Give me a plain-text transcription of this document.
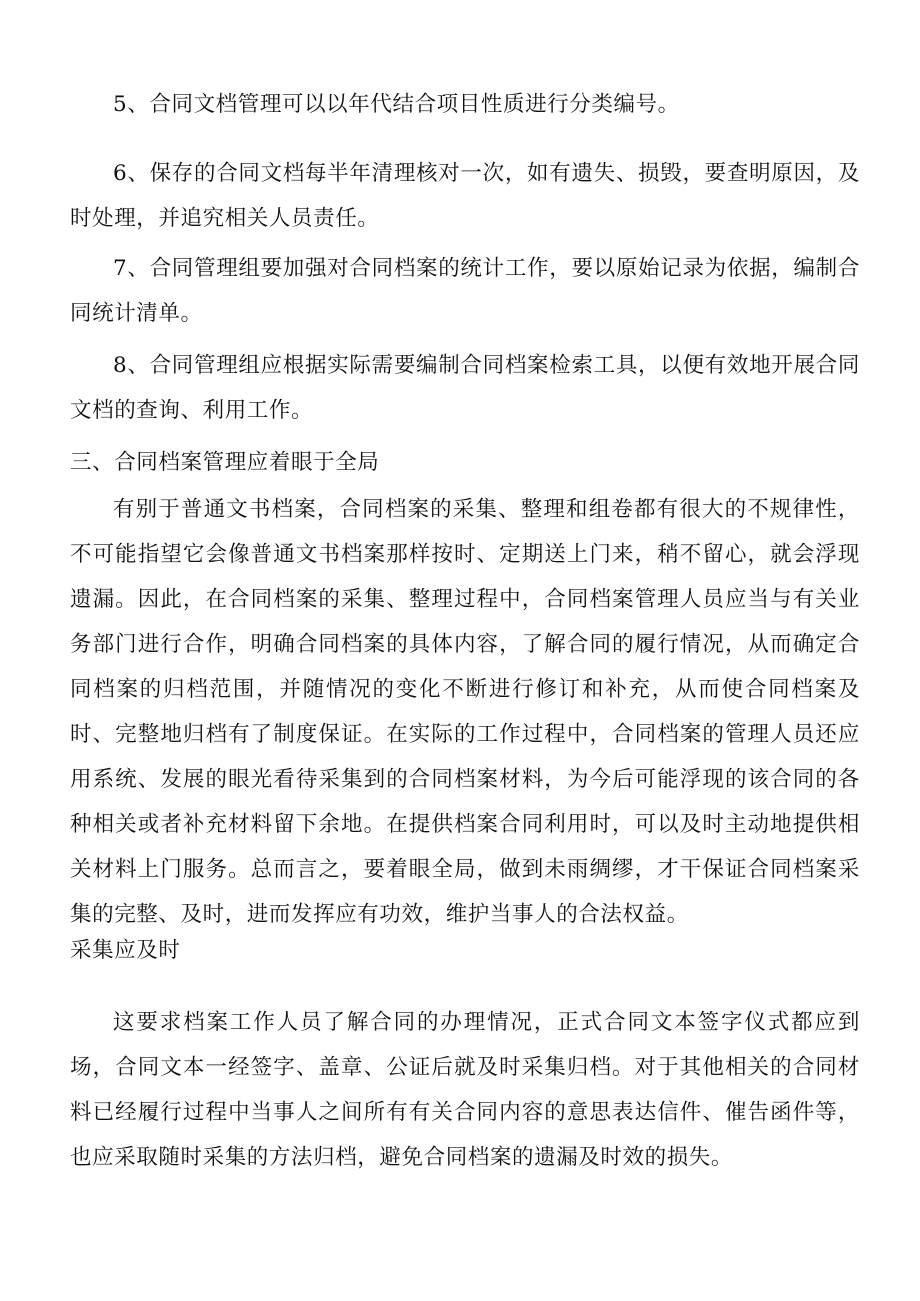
5、合同文档管理可以以年代结合项目性质进行分类编号。

6、保存的合同文档每半年清理核对一次，如有遗失、损毁，要查明原因，及时处理，并追究相关人员责任。

7、合同管理组要加强对合同档案的统计工作，要以原始记录为依据，编制合同统计清单。

8、合同管理组应根据实际需要编制合同档案检索工具，以便有效地开展合同文档的查询、利用工作。

三、合同档案管理应着眼于全局

有别于普通文书档案，合同档案的采集、整理和组卷都有很大的不规律性，不可能指望它会像普通文书档案那样按时、定期送上门来，稍不留心，就会浮现遗漏。因此，在合同档案的采集、整理过程中，合同档案管理人员应当与有关业务部门进行合作，明确合同档案的具体内容，了解合同的履行情况，从而确定合同档案的归档范围，并随情况的变化不断进行修订和补充，从而使合同档案及时、完整地归档有了制度保证。在实际的工作过程中，合同档案的管理人员还应用系统、发展的眼光看待采集到的合同档案材料，为今后可能浮现的该合同的各种相关或者补充材料留下余地。在提供档案合同利用时，可以及时主动地提供相关材料上门服务。总而言之，要着眼全局，做到未雨绸缪，才干保证合同档案采集的完整、及时，进而发挥应有功效，维护当事人的合法权益。

采集应及时

这要求档案工作人员了解合同的办理情况，正式合同文本签字仪式都应到场，合同文本一经签字、盖章、公证后就及时采集归档。对于其他相关的合同材料已经履行过程中当事人之间所有有关合同内容的意思表达信件、催告函件等，也应采取随时采集的方法归档，避免合同档案的遗漏及时效的损失。
